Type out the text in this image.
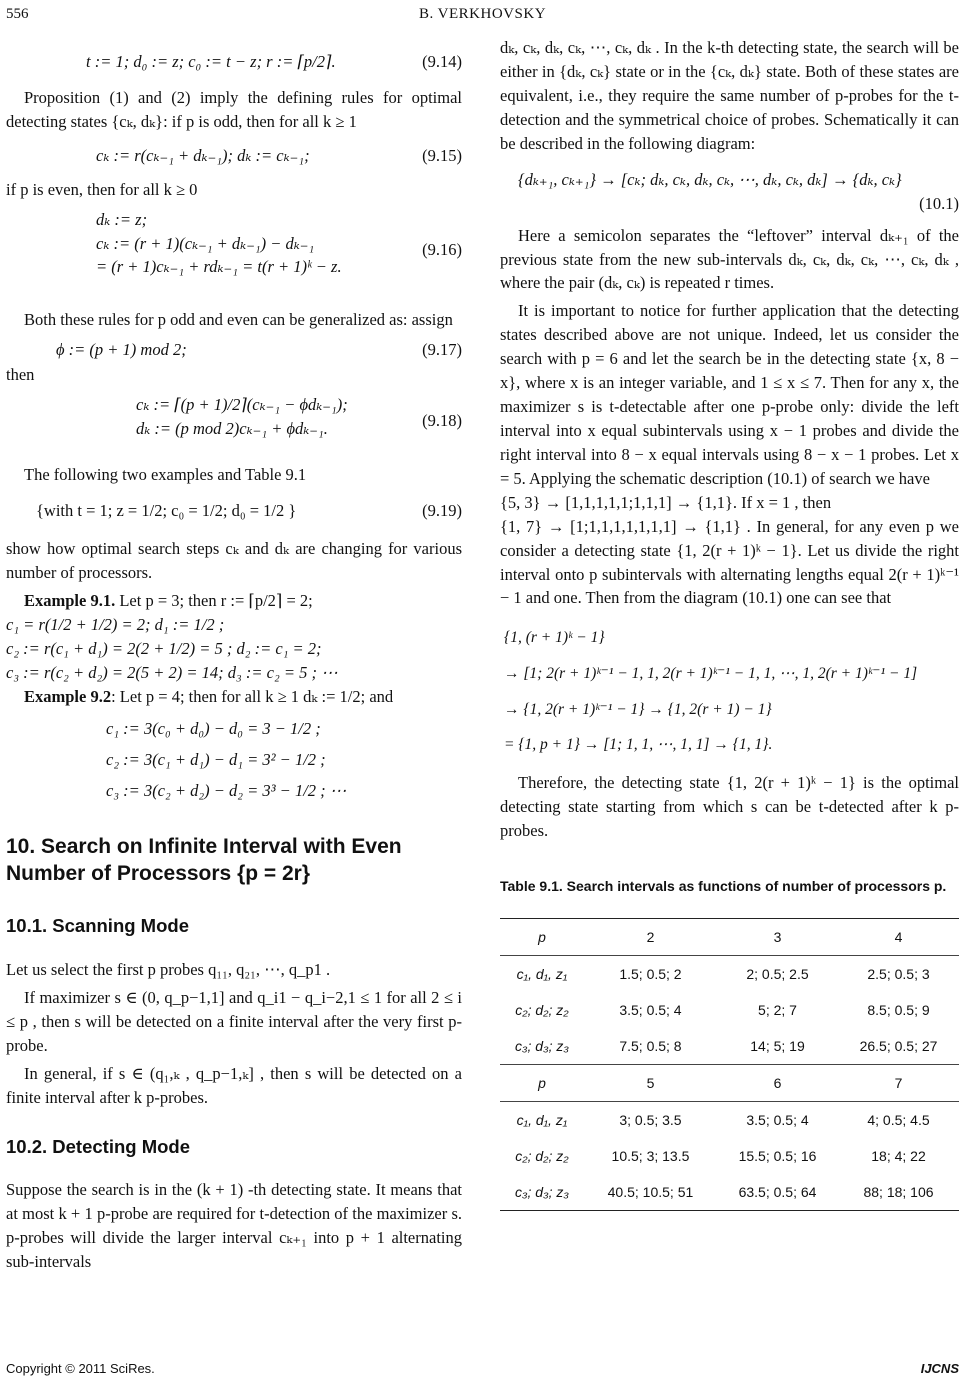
556	B. VERKHOVSKY
t := 1; d₀ := z; c₀ := t − z; r := ⌈p/2⌉.	(9.14)

Proposition (1) and (2) imply the defining rules for optimal detecting states {cₖ, dₖ}: if p is odd, then for all k ≥ 1

cₖ := r(cₖ₋₁ + dₖ₋₁); dₖ := cₖ₋₁;	(9.15)

if p is even, then for all k ≥ 0

dₖ := z;
cₖ := (r + 1)(cₖ₋₁ + dₖ₋₁) − dₖ₋₁
= (r + 1)cₖ₋₁ + rdₖ₋₁ = t(r + 1)ᵏ − z.
(9.16)

Both these rules for p odd and even can be generalized as: assign

ϕ := (p + 1) mod 2;	(9.17)

then

cₖ := ⌈(p + 1)/2⌉(cₖ₋₁ − ϕdₖ₋₁);
dₖ := (p mod 2)cₖ₋₁ + ϕdₖ₋₁.	(9.18)

The following two examples and Table 9.1

{with t = 1; z = 1/2; c₀ = 1/2; d₀ = 1/2 }	(9.19)

show how optimal search steps cₖ and dₖ are changing for various number of processors.

Example 9.1. Let p = 3; then r := ⌈p/2⌉ = 2;

c₁ = r(1/2 + 1/2) = 2; d₁ := 1/2 ;
c₂ := r(c₁ + d₁) = 2(2 + 1/2) = 5 ; d₂ := c₁ = 2;
c₃ := r(c₂ + d₂) = 2(5 + 2) = 14; d₃ := c₂ = 5 ; ⋯

Example 9.2: Let p = 4; then for all k ≥ 1 dₖ := 1/2; and

c₁ := 3(c₀ + d₀) − d₀ = 3 − 1/2 ;
c₂ := 3(c₁ + d₁) − d₁ = 3² − 1/2 ;
c₃ := 3(c₂ + d₂) − d₂ = 3³ − 1/2 ; ⋯
10. Search on Infinite Interval with Even Number of Processors {p = 2r}
10.1. Scanning Mode

Let us select the first p probes q₁₁, q₂₁, ⋯, q_p1 .

If maximizer s ∈ (0, q_p−1,1] and q_i1 − q_i−2,1 ≤ 1 for all 2 ≤ i ≤ p , then s will be detected on a finite interval after the very first p-probe.

In general, if s ∈ (q₁,ₖ , q_p−1,ₖ] , then s will be detected on a finite interval after k p-probes.

10.2. Detecting Mode

Suppose the search is in the (k + 1) -th detecting state. It means that at most k + 1 p-probe are required for t-detection of the maximizer s. p-probes will divide the larger interval cₖ₊₁ into p + 1 alternating sub-intervals

dₖ, cₖ, dₖ, cₖ, ⋯, cₖ, dₖ . In the k-th detecting state, the search will be either in {dₖ, cₖ} state or in the {cₖ, dₖ} state. Both of these states are equivalent, i.e., they require the same number of p-probes for the t-detection and the symmetrical choice of probes. Schematically it can be described in the following diagram:

{dₖ₊₁, cₖ₊₁} → [cₖ; dₖ, cₖ, dₖ, cₖ, ⋯, dₖ, cₖ, dₖ] → {dₖ, cₖ}
(10.1)

Here a semicolon separates the “leftover” interval dₖ₊₁ of the previous state from the new sub-intervals dₖ, cₖ, dₖ, cₖ, ⋯, cₖ, dₖ , where the pair (dₖ, cₖ) is repeated r times.

It is important to notice for further application that the detecting states described above are not unique. Indeed, let us consider the search with p = 6 and let the search be in the detecting state {x, 8 − x}, where x is an integer variable, and 1 ≤ x ≤ 7. Then for any x, the maximizer s is t-detectable after one p-probe only: divide the left interval into x equal subintervals using x − 1 probes and divide the right interval into 8 − x equal intervals using 8 − x − 1 probes. Let x = 5. Applying the schematic description (10.1) of search we have

{5, 3} → [1,1,1,1,1;1,1,1] → {1,1}. If x = 1 , then

{1, 7} → [1;1,1,1,1,1,1,1] → {1,1} . In general, for any even p we consider a detecting state {1, 2(r + 1)ᵏ − 1}. Let us divide the right interval onto p subintervals with alternating lengths equal 2(r + 1)ᵏ⁻¹ − 1 and one. Then from the diagram (10.1) one can see that

{1, (r + 1)ᵏ − 1}
→ [1; 2(r + 1)ᵏ⁻¹ − 1, 1, 2(r + 1)ᵏ⁻¹ − 1, 1, ⋯, 1, 2(r + 1)ᵏ⁻¹ − 1]
→ {1, 2(r + 1)ᵏ⁻¹ − 1} → {1, 2(r + 1) − 1}
= {1, p + 1} → [1; 1, 1, ⋯, 1, 1] → {1, 1}.

Therefore, the detecting state {1, 2(r + 1)ᵏ − 1} is the optimal detecting state starting from which s can be t-detected after k p-probes.

Table 9.1. Search intervals as functions of number of processors p.
p	2	3	4
c₁, d₁, z₁	1.5; 0.5; 2	2; 0.5; 2.5	2.5; 0.5; 3
c₂; d₂; z₂	3.5; 0.5; 4	5; 2; 7	8.5; 0.5; 9
c₃; d₃; z₃	7.5; 0.5; 8	14; 5; 19	26.5; 0.5; 27
p	5	6	7
c₁, d₁, z₁	3; 0.5; 3.5	3.5; 0.5; 4	4; 0.5; 4.5
c₂; d₂; z₂	10.5; 3; 13.5	15.5; 0.5; 16	18; 4; 22
c₃; d₃; z₃	40.5; 10.5; 51	63.5; 0.5; 64	88; 18; 106
Copyright © 2011 SciRes.	IJCNS
